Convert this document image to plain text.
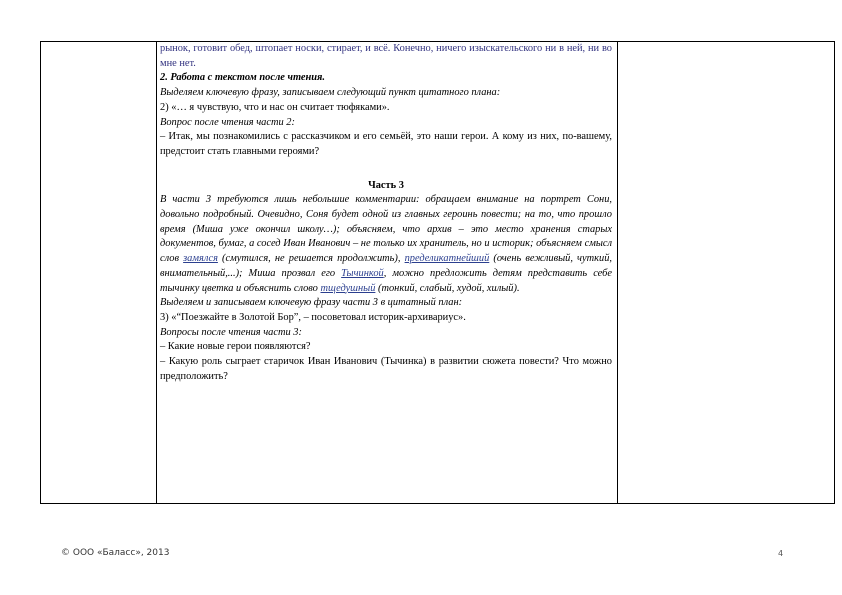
рынок, готовит обед, штопает носки, стирает, и всё. Конечно, ничего изыскательского ни в ней, ни во мне нет.

2. Работа с текстом после чтения.

Выделяем ключевую фразу, записываем следующий пункт цитатного плана:

2) «… я чувствую, что и нас он считает тюфяками».

Вопрос после чтения части 2:

– Итак, мы познакомились с рассказчиком и его семьёй, это наши герои. А кому из них, по-вашему, предстоит стать главными героями?

Часть 3

В части 3 требуются лишь небольшие комментарии: обращаем внимание на портрет Сони, довольно подробный. Очевидно, Соня будет одной из главных героинь повести; на то, что прошло время (Миша уже окончил школу…); объясняем, что архив – это место хранения старых документов, бумаг, а сосед Иван Иванович – не только их хранитель, но и историк; объясняем смысл слов замялся (смутился, не решается продолжить), пределикатнейший (очень вежливый, чуткий, внимательный,...); Миша прозвал его Тычинкой, можно предложить детям представить себе тычинку цветка и объяснить слово тщедушный (тонкий, слабый, худой, хилый).

Выделяем и записываем ключевую фразу части 3 в цитатный план:

3) «“Поезжайте в Золотой Бор”, – посоветовал историк-архивариус».

Вопросы после чтения части 3:

– Какие новые герои появляются?

– Какую роль сыграет старичок Иван Иванович (Тычинка) в развитии сюжета повести? Что можно предположить?

© ООО «Баласс», 2013	4
